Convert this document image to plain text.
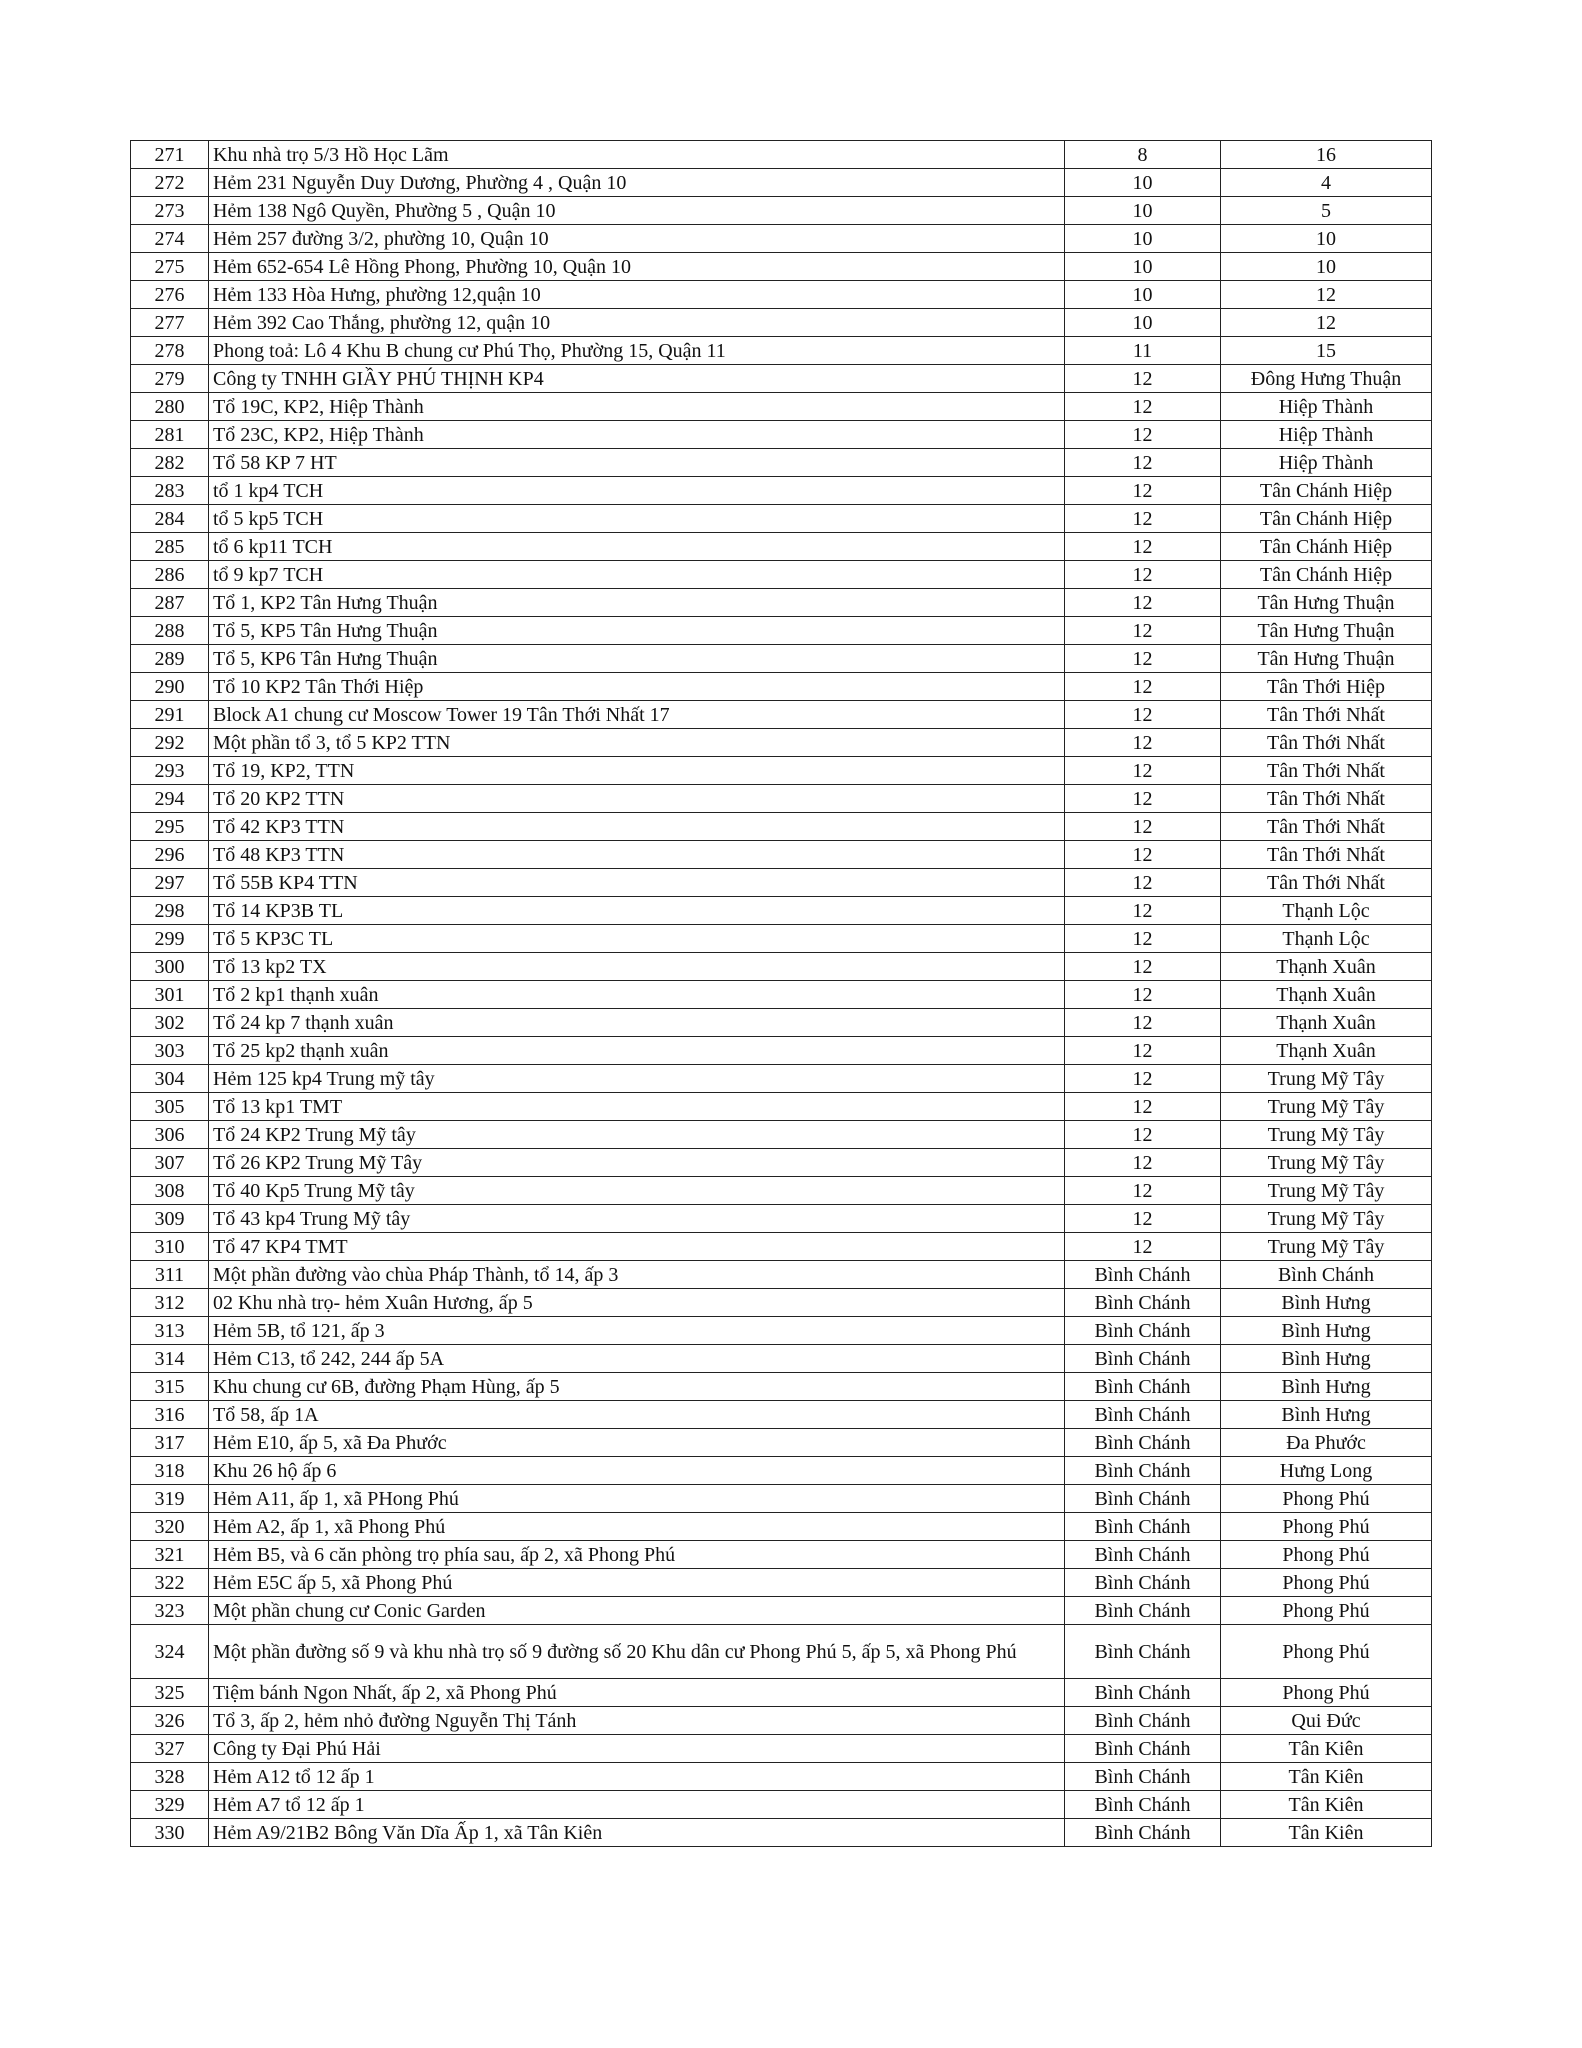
271	Khu nhà trọ 5/3 Hồ Học Lãm	8	16
272	Hẻm 231 Nguyễn Duy Dương, Phường 4 , Quận 10	10	4
273	Hẻm 138 Ngô Quyền, Phường 5 , Quận 10	10	5
274	Hẻm 257 đường 3/2, phường 10, Quận 10	10	10
275	Hẻm 652-654 Lê Hồng Phong, Phường 10, Quận 10	10	10
276	Hẻm 133 Hòa Hưng, phường 12,quận 10	10	12
277	Hẻm 392 Cao Thắng, phường 12, quận 10	10	12
278	Phong toả: Lô 4 Khu B chung cư Phú Thọ, Phường 15, Quận 11	11	15
279	Công ty TNHH GIẦY PHÚ THỊNH KP4	12	Đông Hưng Thuận
280	Tổ 19C, KP2, Hiệp Thành	12	Hiệp Thành
281	Tổ 23C, KP2, Hiệp Thành	12	Hiệp Thành
282	Tổ 58 KP 7 HT	12	Hiệp Thành
283	tổ 1 kp4 TCH	12	Tân Chánh Hiệp
284	tổ 5 kp5 TCH	12	Tân Chánh Hiệp
285	tổ 6 kp11 TCH	12	Tân Chánh Hiệp
286	tổ 9 kp7 TCH	12	Tân Chánh Hiệp
287	Tổ 1, KP2 Tân Hưng Thuận	12	Tân Hưng Thuận
288	Tổ 5, KP5 Tân Hưng Thuận	12	Tân Hưng Thuận
289	Tổ 5, KP6 Tân Hưng Thuận	12	Tân Hưng Thuận
290	Tổ 10 KP2 Tân Thới Hiệp	12	Tân Thới Hiệp
291	Block A1 chung cư Moscow Tower 19 Tân Thới Nhất 17	12	Tân Thới Nhất
292	Một phần tổ 3, tổ 5 KP2 TTN	12	Tân Thới Nhất
293	Tổ 19, KP2, TTN	12	Tân Thới Nhất
294	Tổ 20 KP2 TTN	12	Tân Thới Nhất
295	Tổ 42 KP3 TTN	12	Tân Thới Nhất
296	Tổ 48 KP3 TTN	12	Tân Thới Nhất
297	Tổ 55B KP4 TTN	12	Tân Thới Nhất
298	Tổ 14 KP3B TL	12	Thạnh Lộc
299	Tổ 5 KP3C TL	12	Thạnh Lộc
300	Tổ 13 kp2 TX	12	Thạnh Xuân
301	Tổ 2 kp1 thạnh xuân	12	Thạnh Xuân
302	Tổ 24 kp 7 thạnh xuân	12	Thạnh Xuân
303	Tổ 25 kp2 thạnh xuân	12	Thạnh Xuân
304	Hẻm 125 kp4 Trung mỹ tây	12	Trung Mỹ Tây
305	Tổ 13 kp1 TMT	12	Trung Mỹ Tây
306	Tổ 24 KP2 Trung Mỹ tây	12	Trung Mỹ Tây
307	Tổ 26 KP2 Trung Mỹ Tây	12	Trung Mỹ Tây
308	Tổ 40 Kp5 Trung Mỹ tây	12	Trung Mỹ Tây
309	Tổ 43 kp4 Trung Mỹ tây	12	Trung Mỹ Tây
310	Tổ 47 KP4 TMT	12	Trung Mỹ Tây
311	Một phần đường vào chùa Pháp Thành, tổ 14, ấp 3	Bình Chánh	Bình Chánh
312	02 Khu nhà trọ- hẻm Xuân Hương, ấp 5	Bình Chánh	Bình Hưng
313	Hẻm 5B, tổ 121, ấp 3	Bình Chánh	Bình Hưng
314	Hẻm C13, tổ 242, 244 ấp 5A	Bình Chánh	Bình Hưng
315	Khu chung cư 6B, đường Phạm Hùng, ấp 5	Bình Chánh	Bình Hưng
316	Tổ 58, ấp 1A	Bình Chánh	Bình Hưng
317	Hẻm E10, ấp 5, xã Đa Phước	Bình Chánh	Đa Phước
318	Khu 26 hộ ấp 6	Bình Chánh	Hưng Long
319	Hẻm A11, ấp 1, xã PHong Phú	Bình Chánh	Phong Phú
320	Hẻm A2, ấp 1, xã Phong Phú	Bình Chánh	Phong Phú
321	Hẻm B5, và 6 căn phòng trọ phía sau, ấp 2, xã Phong Phú	Bình Chánh	Phong Phú
322	Hẻm E5C ấp 5, xã Phong Phú	Bình Chánh	Phong Phú
323	Một phần chung cư Conic Garden	Bình Chánh	Phong Phú
324	Một phần đường số 9 và khu nhà trọ số 9 đường số 20 Khu dân cư Phong Phú 5, ấp 5, xã Phong Phú	Bình Chánh	Phong Phú
325	Tiệm bánh Ngon Nhất, ấp 2, xã Phong Phú	Bình Chánh	Phong Phú
326	Tổ 3, ấp 2, hẻm nhỏ đường Nguyễn Thị Tánh	Bình Chánh	Qui Đức
327	Công ty Đại Phú Hải	Bình Chánh	Tân Kiên
328	Hẻm A12 tổ 12 ấp 1	Bình Chánh	Tân Kiên
329	Hẻm A7 tổ 12 ấp 1	Bình Chánh	Tân Kiên
330	Hẻm A9/21B2 Bông Văn Dĩa Ấp 1, xã Tân Kiên	Bình Chánh	Tân Kiên
